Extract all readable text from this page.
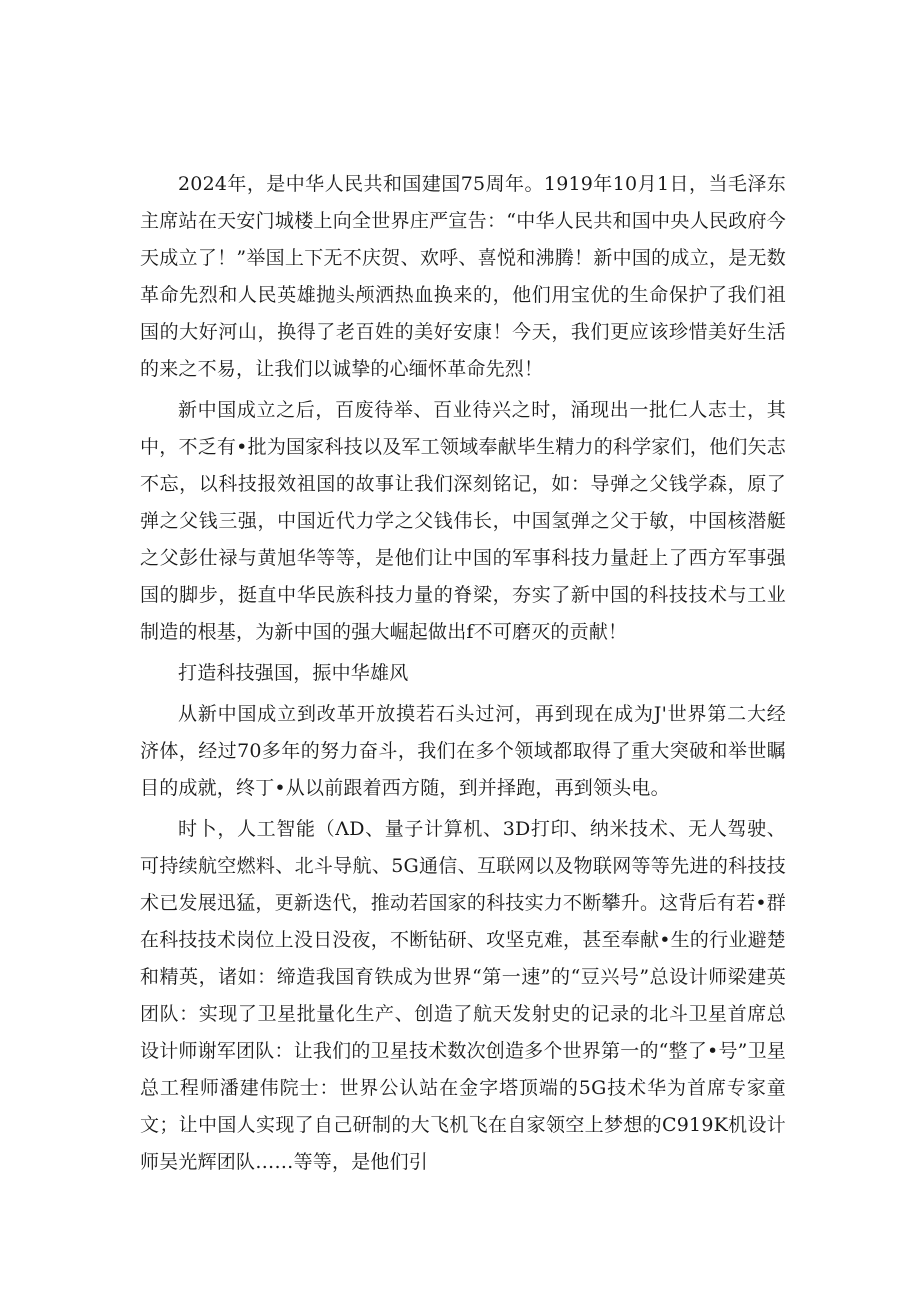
2024年，是中华人民共和国建国75周年。1919年10月1日，当毛泽东主席站在天安门城楼上向全世界庄严宣告：“中华人民共和国中央人民政府今天成立了！”举国上下无不庆贺、欢呼、喜悦和沸腾！新中国的成立，是无数革命先烈和人民英雄抛头颅洒热血换来的，他们用宝优的生命保护了我们祖国的大好河山，换得了老百姓的美好安康！今天，我们更应该珍惜美好生活的来之不易，让我们以诚挚的心缅怀革命先烈！

新中国成立之后，百废待举、百业待兴之时，涌现出一批仁人志士，其中，不乏有•批为国家科技以及军工领域奉献毕生精力的科学家们，他们矢志不忘，以科技报效祖国的故事让我们深刻铭记，如：导弹之父钱学森，原了弹之父钱三强，中国近代力学之父钱伟长，中国氢弹之父于敏，中国核潜艇之父彭仕禄与黄旭华等等，是他们让中国的军事科技力量赶上了西方军事强国的脚步，挺直中华民族科技力量的脊梁，夯实了新中国的科技技术与工业制造的根基，为新中国的强大崛起做出f不可磨灭的贡献！

打造科技强国，振中华雄风

从新中国成立到改革开放摸若石头过河，再到现在成为J'世界第二大经济体，经过70多年的努力奋斗，我们在多个领域都取得了重大突破和举世瞩目的成就，终丁•从以前跟着西方随，到并择跑，再到领头电。

时卜，人工智能（ΛD、量子计算机、3D打印、纳米技术、无人驾驶、可持续航空燃料、北斗导航、5G通信、互联网以及物联网等等先进的科技技术已发展迅猛，更新迭代，推动若国家的科技实力不断攀升。这背后有若•群在科技技术岗位上没日没夜，不断钻研、攻坚克难，甚至奉献•生的行业避楚和精英，诸如：缔造我国育铁成为世界“第一速”的“豆兴号”总设计师梁建英团队：实现了卫星批量化生产、创造了航天发射史的记录的北斗卫星首席总设计师谢军团队：让我们的卫星技术数次创造多个世界第一的“整了•号”卫星总工程师潘建伟院士：世界公认站在金字塔顶端的5G技术华为首席专家童文；让中国人实现了自己研制的大飞机飞在自家领空上梦想的C919K机设计师吴光辉团队……等等，是他们引
